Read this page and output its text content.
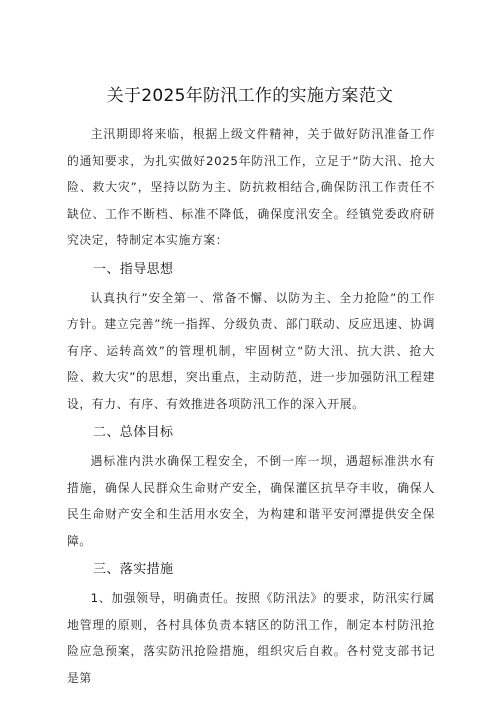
关于2025年防汛工作的实施方案范文

主汛期即将来临，根据上级文件精神，关于做好防汛准备工作的通知要求，为扎实做好2025年防汛工作，立足于“防大汛、抢大险、救大灾”，坚持以防为主、防抗救相结合,确保防汛工作责任不缺位、工作不断档、标准不降低，确保度汛安全。经镇党委政府研究决定，特制定本实施方案：

一、指导思想

认真执行”安全第一、常备不懈、以防为主、全力抢险”的工作方针。建立完善”统一指挥、分级负责、部门联动、反应迅速、协调有序、运转高效”的管理机制，牢固树立“防大汛、抗大洪、抢大险、救大灾”的思想，突出重点，主动防范，进一步加强防汛工程建设，有力、有序、有效推进各项防汛工作的深入开展。

二、总体目标

遇标准内洪水确保工程安全，不倒一库一坝，遇超标准洪水有措施，确保人民群众生命财产安全，确保灌区抗旱夺丰收，确保人民生命财产安全和生活用水安全，为构建和谐平安河潭提供安全保障。

三、落实措施

1、加强领导，明确责任。按照《防汛法》的要求，防汛实行属地管理的原则，各村具体负责本辖区的防汛工作，制定本村防汛抢险应急预案，落实防汛抢险措施，组织灾后自救。各村党支部书记是第
